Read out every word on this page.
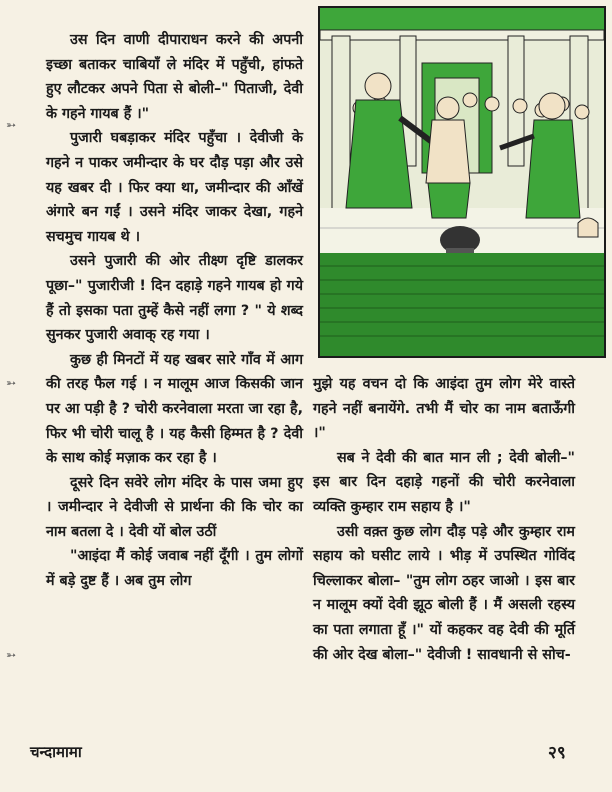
उस दिन वाणी दीपाराधन करने की अपनी इच्छा बताकर चाबियाँ ले मंदिर में पहुँची, हांफते हुए लौटकर अपने पिता से बोली–" पिताजी, देवी के गहने गायब हैं ।"

पुजारी घबड़ाकर मंदिर पहुँचा । देवीजी के गहने न पाकर जमीन्दार के घर दौड़ पड़ा और उसे यह खबर दी । फिर क्या था, जमीन्दार की आँखें अंगारे बन गईं । उसने मंदिर जाकर देखा, गहने सचमुच गायब थे ।

उसने पुजारी की ओर तीक्ष्ण दृष्टि डालकर पूछा–" पुजारीजी ! दिन दहाड़े गहने गायब हो गये हैं तो इसका पता तुम्हें कैसे नहीं लगा ? " ये शब्द सुनकर पुजारी अवाक् रह गया ।

कुछ ही मिनटों में यह खबर सारे गाँव में आग की तरह फैल गई । न मालूम आज किसकी जान पर आ पड़ी है ? चोरी करनेवाला मरता जा रहा है, फिर भी चोरी चालू है । यह कैसी हिम्मत है ? देवी के साथ कोई मज़ाक कर रहा है ।

दूसरे दिन सवेरे लोग मंदिर के पास जमा हुए । जमीन्दार ने देवीजी से प्रार्थना की कि चोर का नाम बतला दे । देवी यों बोल उठीं

"आइंदा मैं कोई जवाब नहीं दूँगी । तुम लोगों में बड़े दुष्ट हैं । अब तुम लोग

मुझे यह वचन दो कि आइंदा तुम लोग मेरे वास्ते गहने नहीं बनायेंगे. तभी मैं चोर का नाम बताऊँगी ।"

सब ने देवी की बात मान ली ; देवी बोली–" इस बार दिन दहाड़े गहनों की चोरी करनेवाला व्यक्ति कुम्हार राम सहाय है ।"

उसी वक़्त कुछ लोग दौड़ पड़े और कुम्हार राम सहाय को घसीट लाये । भीड़ में उपस्थित गोविंद चिल्लाकर बोला– "तुम लोग ठहर जाओ । इस बार न मालूम क्यों देवी झूठ बोली हैं । मैं असली रहस्य का पता लगाता हूँ ।" यों कहकर वह देवी की मूर्ति की ओर देख बोला–" देवीजी ! सावधानी से सोच-

➳
➳
➳
चन्दामामा	२९
